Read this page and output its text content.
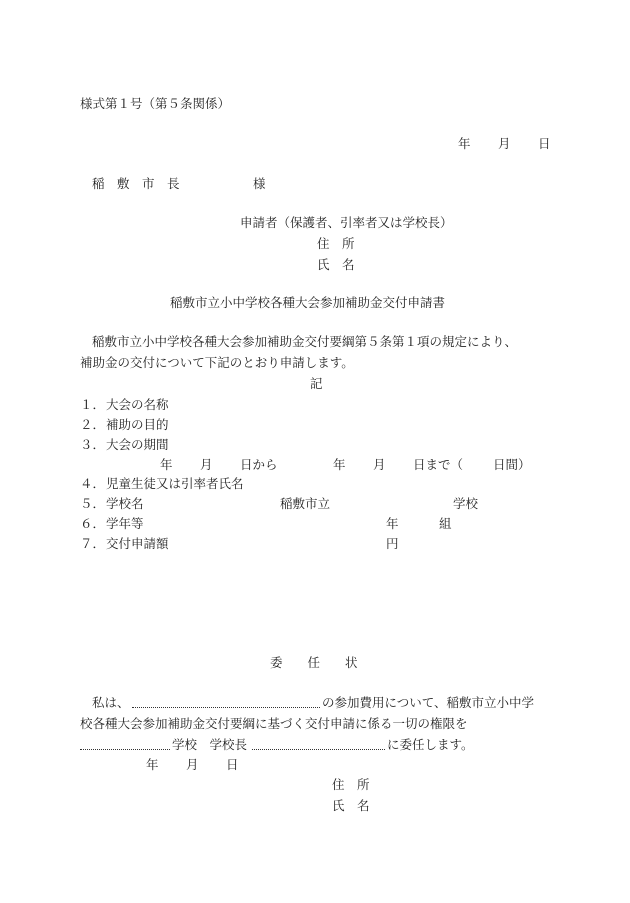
様式第１号（第５条関係）
年 月 日
稲　敷　市　長	様
申請者（保護者、引率者又は学校長）
住　所
氏　名
稲敷市立小中学校各種大会参加補助金交付申請書
稲敷市立小中学校各種大会参加補助金交付要綱第５条第１項の規定により、
補助金の交付について下記のとおり申請します。
記
１． 大会の名称
２． 補助の目的
３． 大会の期間
年 月 日から	年 月 日まで（ 日間）
４． 児童生徒又は引率者氏名
５． 学校名	稲敷市立	学校
６． 学年等	年	組
７． 交付申請額	円
委　　任　　状
私は、	の参加費用について、稲敷市立小中学
校各種大会参加補助金交付要綱に基づく交付申請に係る一切の権限を
学校　学校長	に委任します。
年 月 日
住　所
氏　名
